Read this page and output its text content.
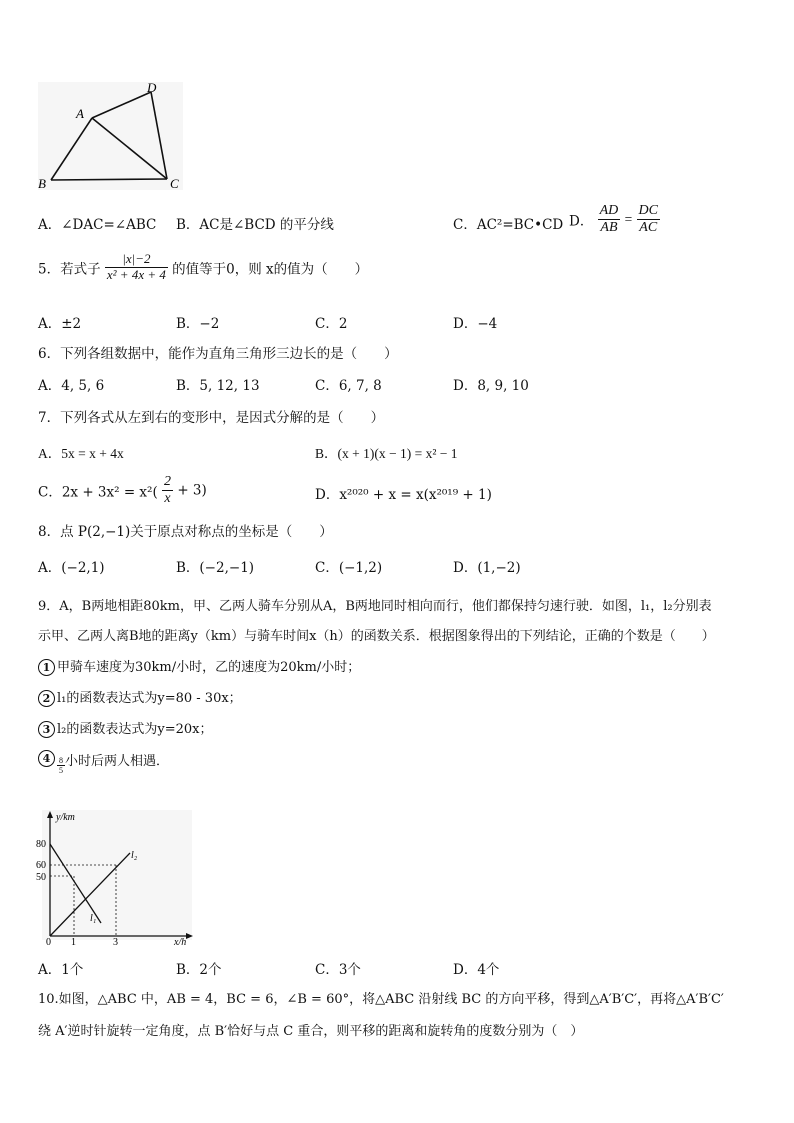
A
D
B	C
A．∠DAC=∠ABC B．AC是∠BCD 的平分线	C．AC²=BC•CD D． $\frac{AD}{AB} = \frac{DC}{AC}$
5．若式子 $\frac{|x|-2}{\text{x² + 4x + 4}}$ 的值等于0，则 x的值为（　　）
A．±2	B．−2	C．2	D．−4
6．下列各组数据中，能作为直角三角形三边长的是（　　）
A．4, 5, 6	B．5, 12, 13	C．6, 7, 8	D．8, 9, 10
7．下列各式从左到右的变形中，是因式分解的是（　　）
A．5x = x + 4x	B．(x + 1)(x − 1) = x² − 1
C．$2x + 3x^2 = x^2( \frac{2}{x} + 3)$	D．x²⁰²⁰ + x = x(x²⁰¹⁹ + 1)
8．点 P(2,−1)关于原点对称点的坐标是（　　）
A．(−2,1)	B．(−2,−1)	C．(−1,2)	D．(1,−2)
9．A，B两地相距80km，甲、乙两人骑车分别从A，B两地同时相向而行，他们都保持匀速行驶．如图，l₁，l₂分别表
示甲、乙两人离B地的距离y（km）与骑车时间x（h）的函数关系．根据图象得出的下列结论，正确的个数是（　　）
1 甲骑车速度为30km/小时，乙的速度为20km/小时；
2 l₁的函数表达式为y=80 - 30x；
3 l₂的函数表达式为y=20x；
$4 \frac{8}{5}$ 小时后两人相遇．
y/km
x/h
l₁
l₂
80
60
50
0 1	3
A．1个	B．2个	C．3个	D．4个
10.如图，△ABC 中，AB = 4，BC = 6，∠B = 60°，将△ABC 沿射线 BC 的方向平移，得到△A′B′C′，再将△A′B′C′
绕 A′逆时针旋转一定角度，点 B′恰好与点 C 重合，则平移的距离和旋转角的度数分别为（　）
